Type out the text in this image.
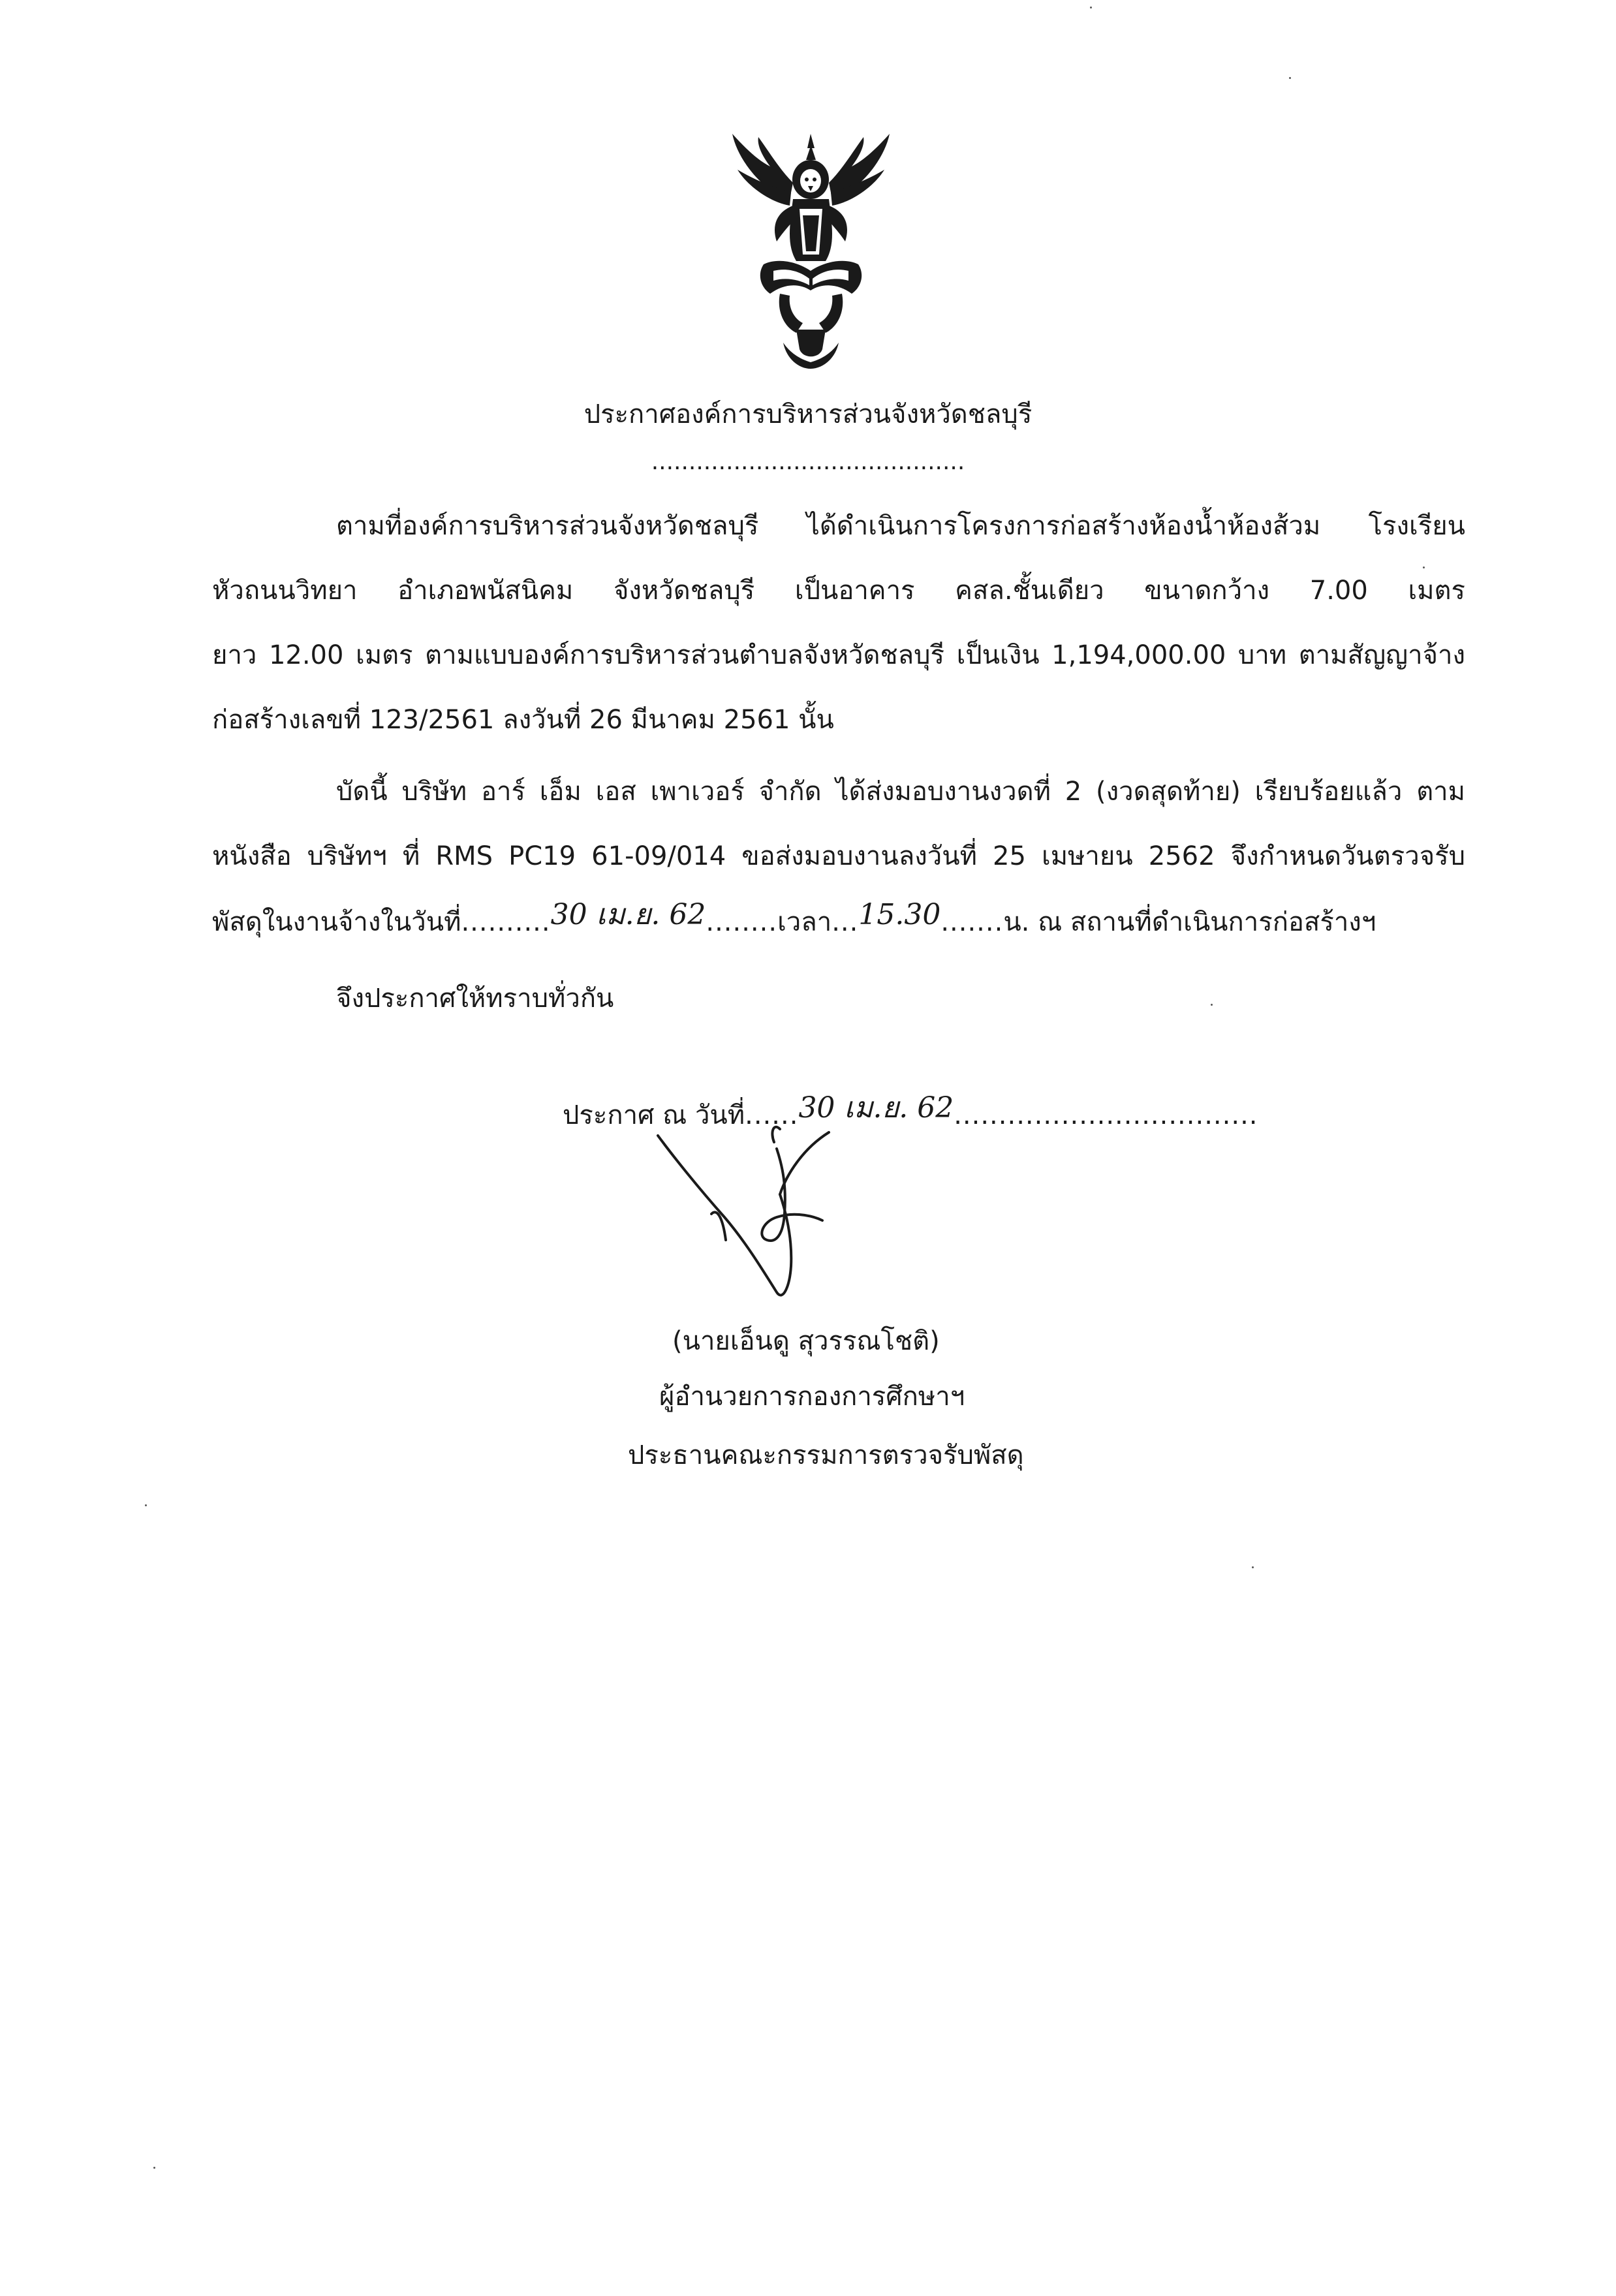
ประกาศองค์การบริหารส่วนจังหวัดชลบุรี
..........................................
ตามที่องค์การบริหารส่วนจังหวัดชลบุรี ได้ดำเนินการโครงการก่อสร้างห้องน้ำห้องส้วม โรงเรียน
หัวถนนวิทยา อำเภอพนัสนิคม จังหวัดชลบุรี เป็นอาคาร คสล.ชั้นเดียว ขนาดกว้าง 7.00 เมตร
ยาว 12.00 เมตร ตามแบบองค์การบริหารส่วนตำบลจังหวัดชลบุรี เป็นเงิน 1,194,000.00 บาท ตามสัญญาจ้าง
ก่อสร้างเลขที่ 123/2561 ลงวันที่ 26 มีนาคม 2561 นั้น
บัดนี้ บริษัท อาร์ เอ็ม เอส เพาเวอร์ จำกัด ได้ส่งมอบงานงวดที่ 2 (งวดสุดท้าย) เรียบร้อยแล้ว ตาม
หนังสือ บริษัทฯ ที่ RMS PC19 61-09/014 ขอส่งมอบงานลงวันที่ 25 เมษายน 2562 จึงกำหนดวันตรวจรับ
พัสดุในงานจ้างในวันที่..........30 เม.ย. 62........เวลา...15.30.......น. ณ สถานที่ดำเนินการก่อสร้างฯ
จึงประกาศให้ทราบทั่วกัน
ประกาศ ณ วันที่......30 เม.ย. 62..................................
(นายเอ็นดู สุวรรณโชติ)
ผู้อำนวยการกองการศึกษาฯ
ประธานคณะกรรมการตรวจรับพัสดุ
